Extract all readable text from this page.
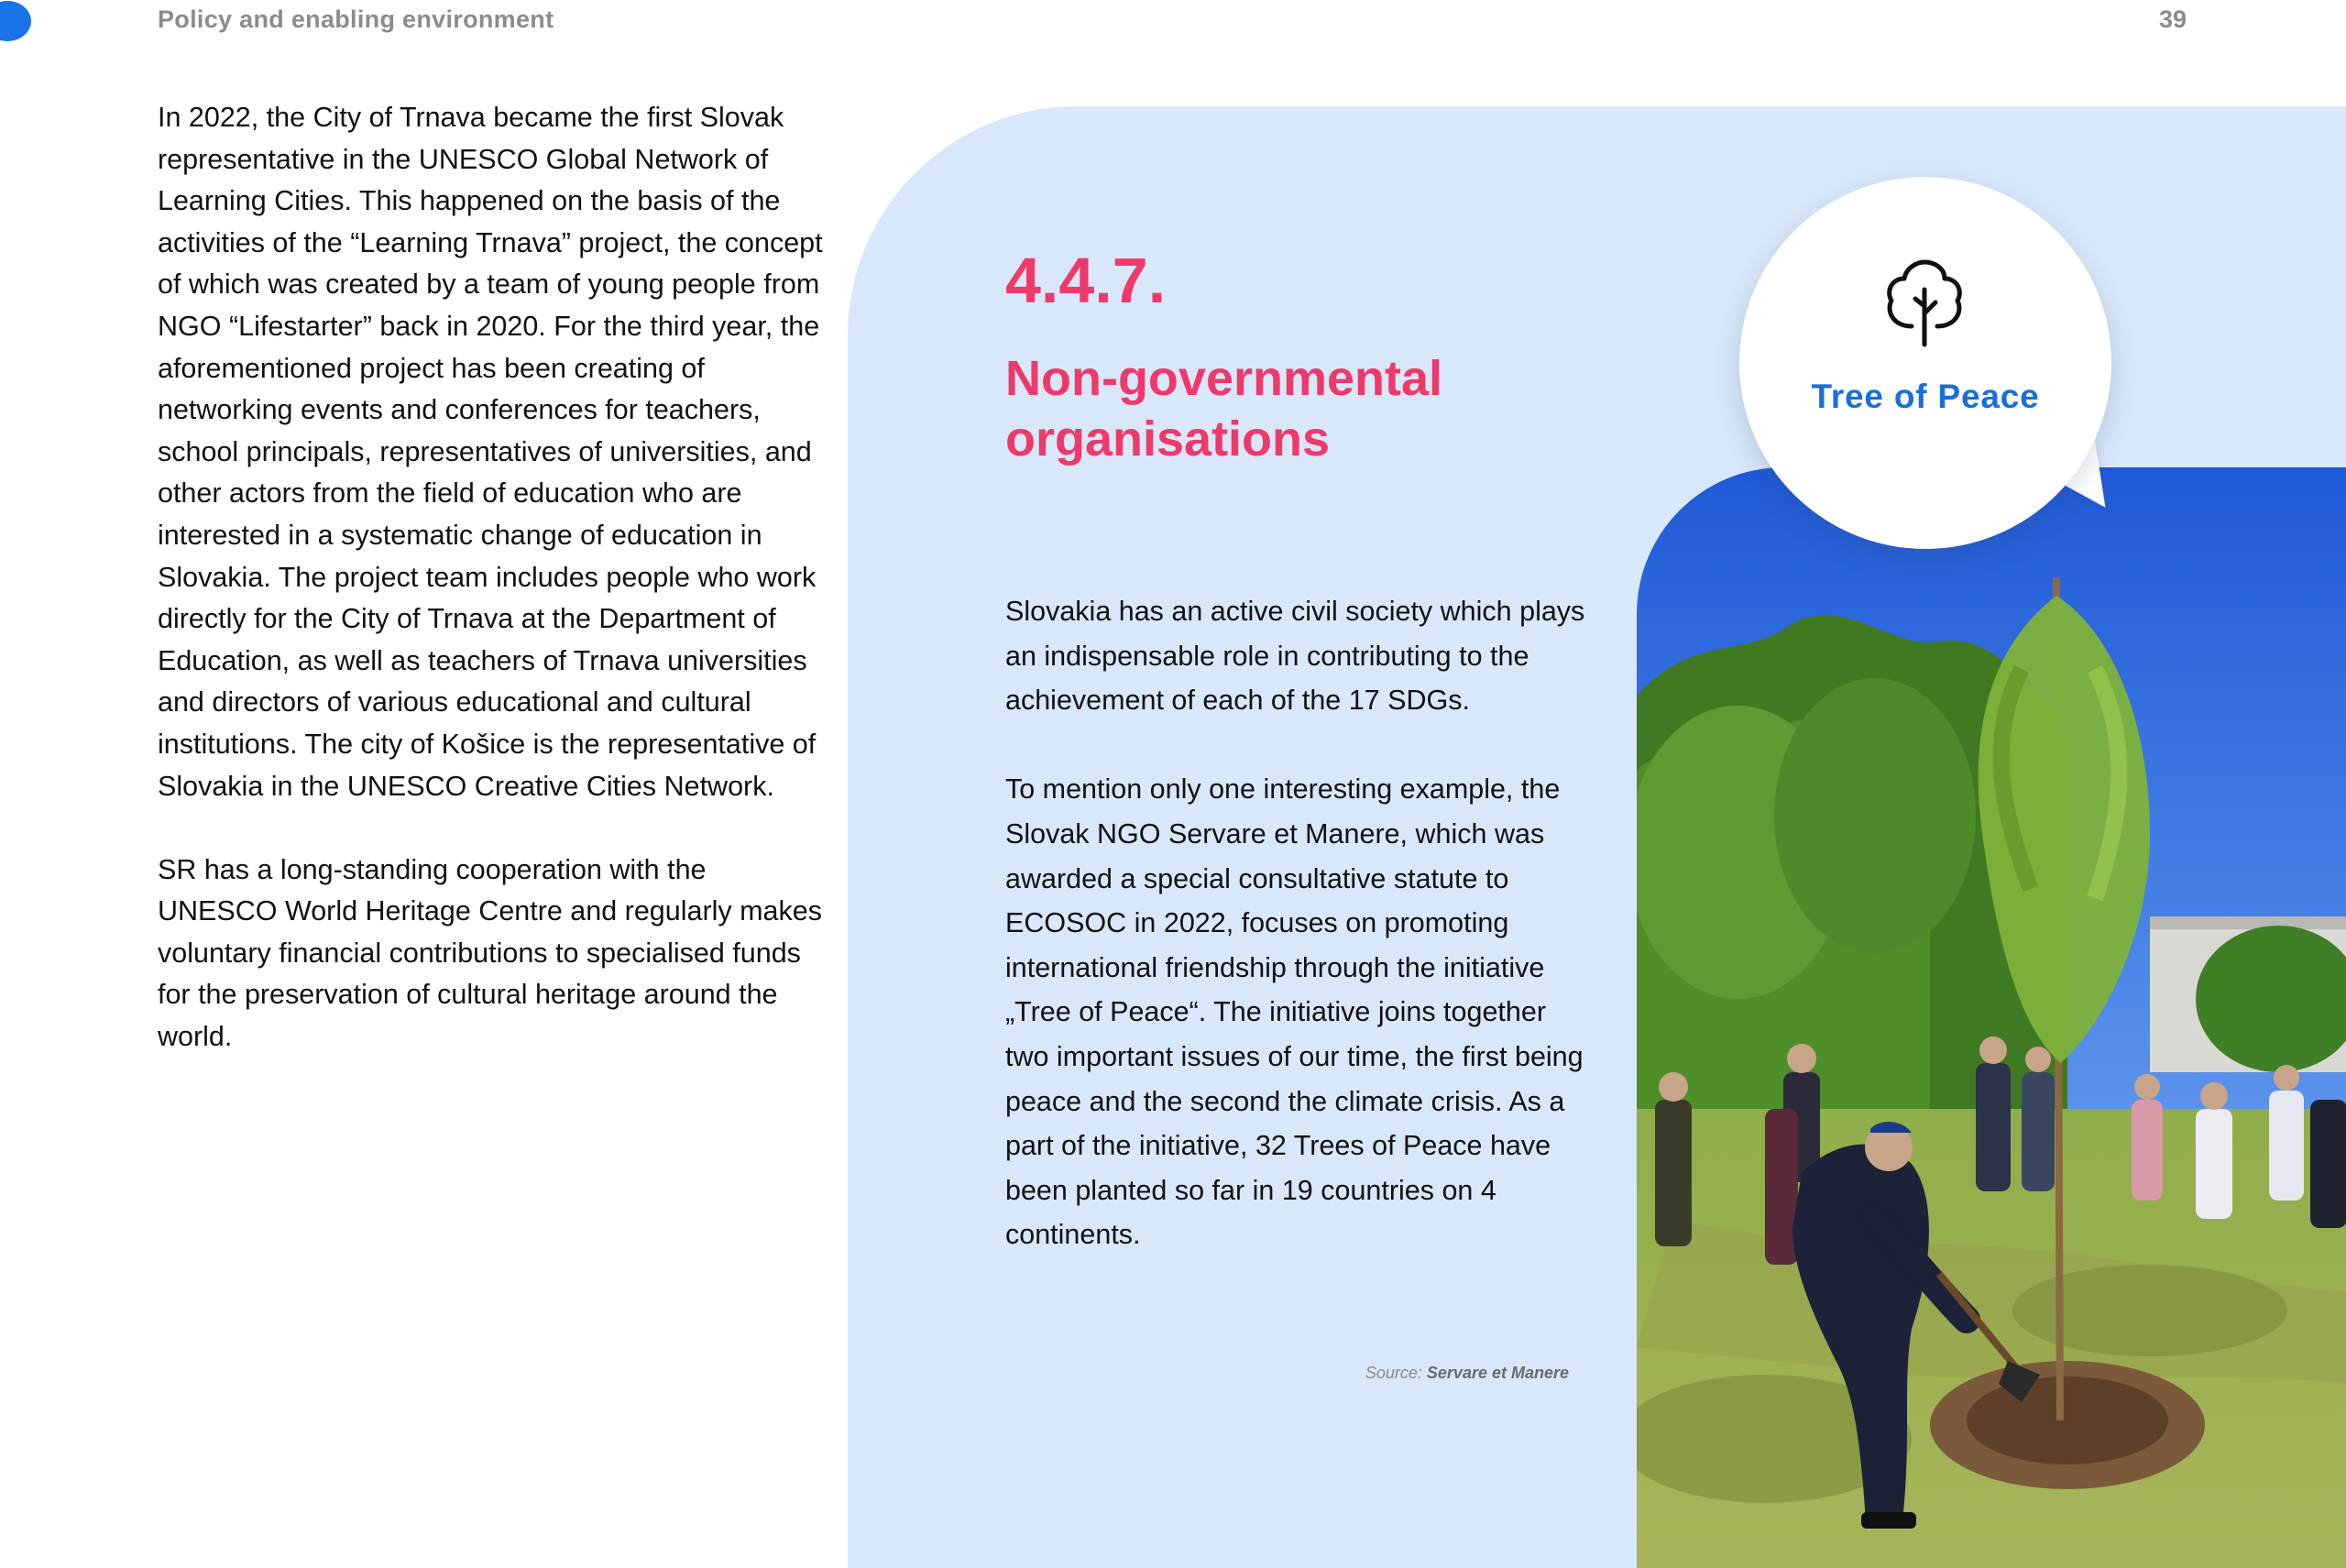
Policy and enabling environment	39

In 2022, the City of Trnava became the first Slovak representative in the UNESCO Global Network of Learning Cities. This happened on the basis of the activities of the “Learning Trnava” project, the concept of which was created by a team of young people from NGO “Lifestarter” back in 2020. For the third year, the aforementioned project has been creating of networking events and conferences for teachers, school principals, representatives of universities, and other actors from the field of education who are interested in a systematic change of education in Slovakia. The project team includes people who work directly for the City of Trnava at the Department of Education, as well as teachers of Trnava universities and directors of various educational and cultural institutions. The city of Košice is the representative of Slovakia in the UNESCO Creative Cities Network.

SR has a long-standing cooperation with the UNESCO World Heritage Centre and regularly makes voluntary financial contributions to specialised funds for the preservation of cultural heritage around the world.

4.4.7.
Non-governmental organisations

Slovakia has an active civil society which plays an indispensable role in contributing to the achievement of each of the 17 SDGs.

To mention only one interesting example, the Slovak NGO Servare et Manere, which was awarded a special consultative statute to ECOSOC in 2022, focuses on promoting international friendship through the initiative „Tree of Peace“. The initiative joins together two important issues of our time, the first being peace and the second the climate crisis. As a part of the initiative, 32 Trees of Peace have been planted so far in 19 countries on 4 continents.

Source: Servare et Manere
Tree of Peace
